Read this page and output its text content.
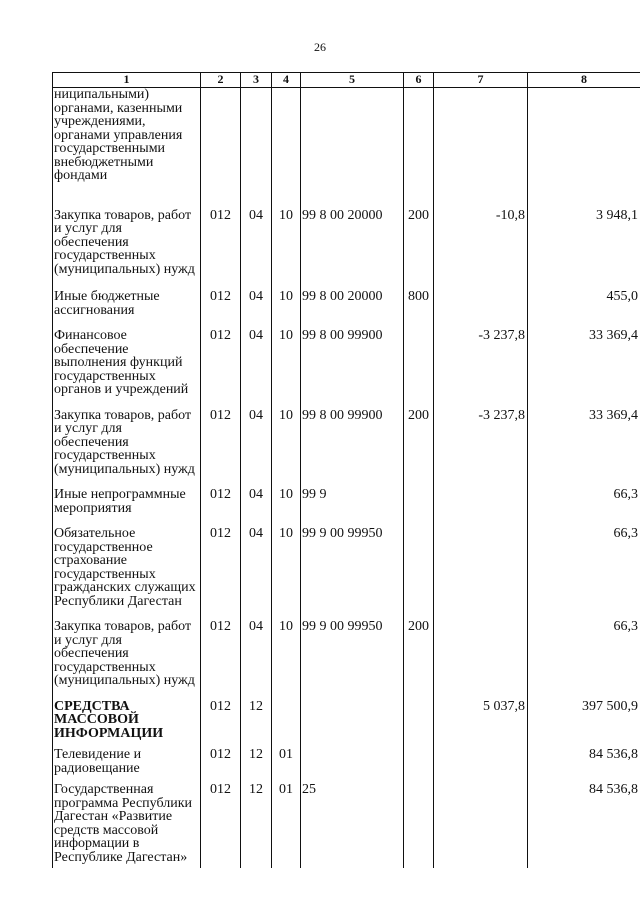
26
1	2	3	4	5	6	7	8
ниципальными) органами, казенными учреждениями, органами управления государственными внебюджетными фондами							

Закупка товаров, работ и услуг для обеспечения государственных (муниципальных) нужд	012	04	10	99 8 00 20000	200	-10,8	3 948,1

Иные бюджетные ассигнования	012	04	10	99 8 00 20000	800		455,0

Финансовое обеспечение выполнения функций государственных органов и учреждений	012	04	10	99 8 00 99900		-3 237,8	33 369,4

Закупка товаров, работ и услуг для обеспечения государственных (муниципальных) нужд	012	04	10	99 8 00 99900	200	-3 237,8	33 369,4

Иные непрограммные мероприятия	012	04	10	99 9			66,3

Обязательное государственное страхование государственных гражданских служащих Республики Дагестан	012	04	10	99 9 00 99950			66,3

Закупка товаров, работ и услуг для обеспечения государственных (муниципальных) нужд	012	04	10	99 9 00 99950	200		66,3

СРЕДСТВА МАССОВОЙ ИНФОРМАЦИИ	012	12				5 037,8	397 500,9

Телевидение и радиовещание	012	12	01				84 536,8

Государственная программа Республики Дагестан «Развитие средств массовой информации в Республике Дагестан»	012	12	01	25			84 536,8
